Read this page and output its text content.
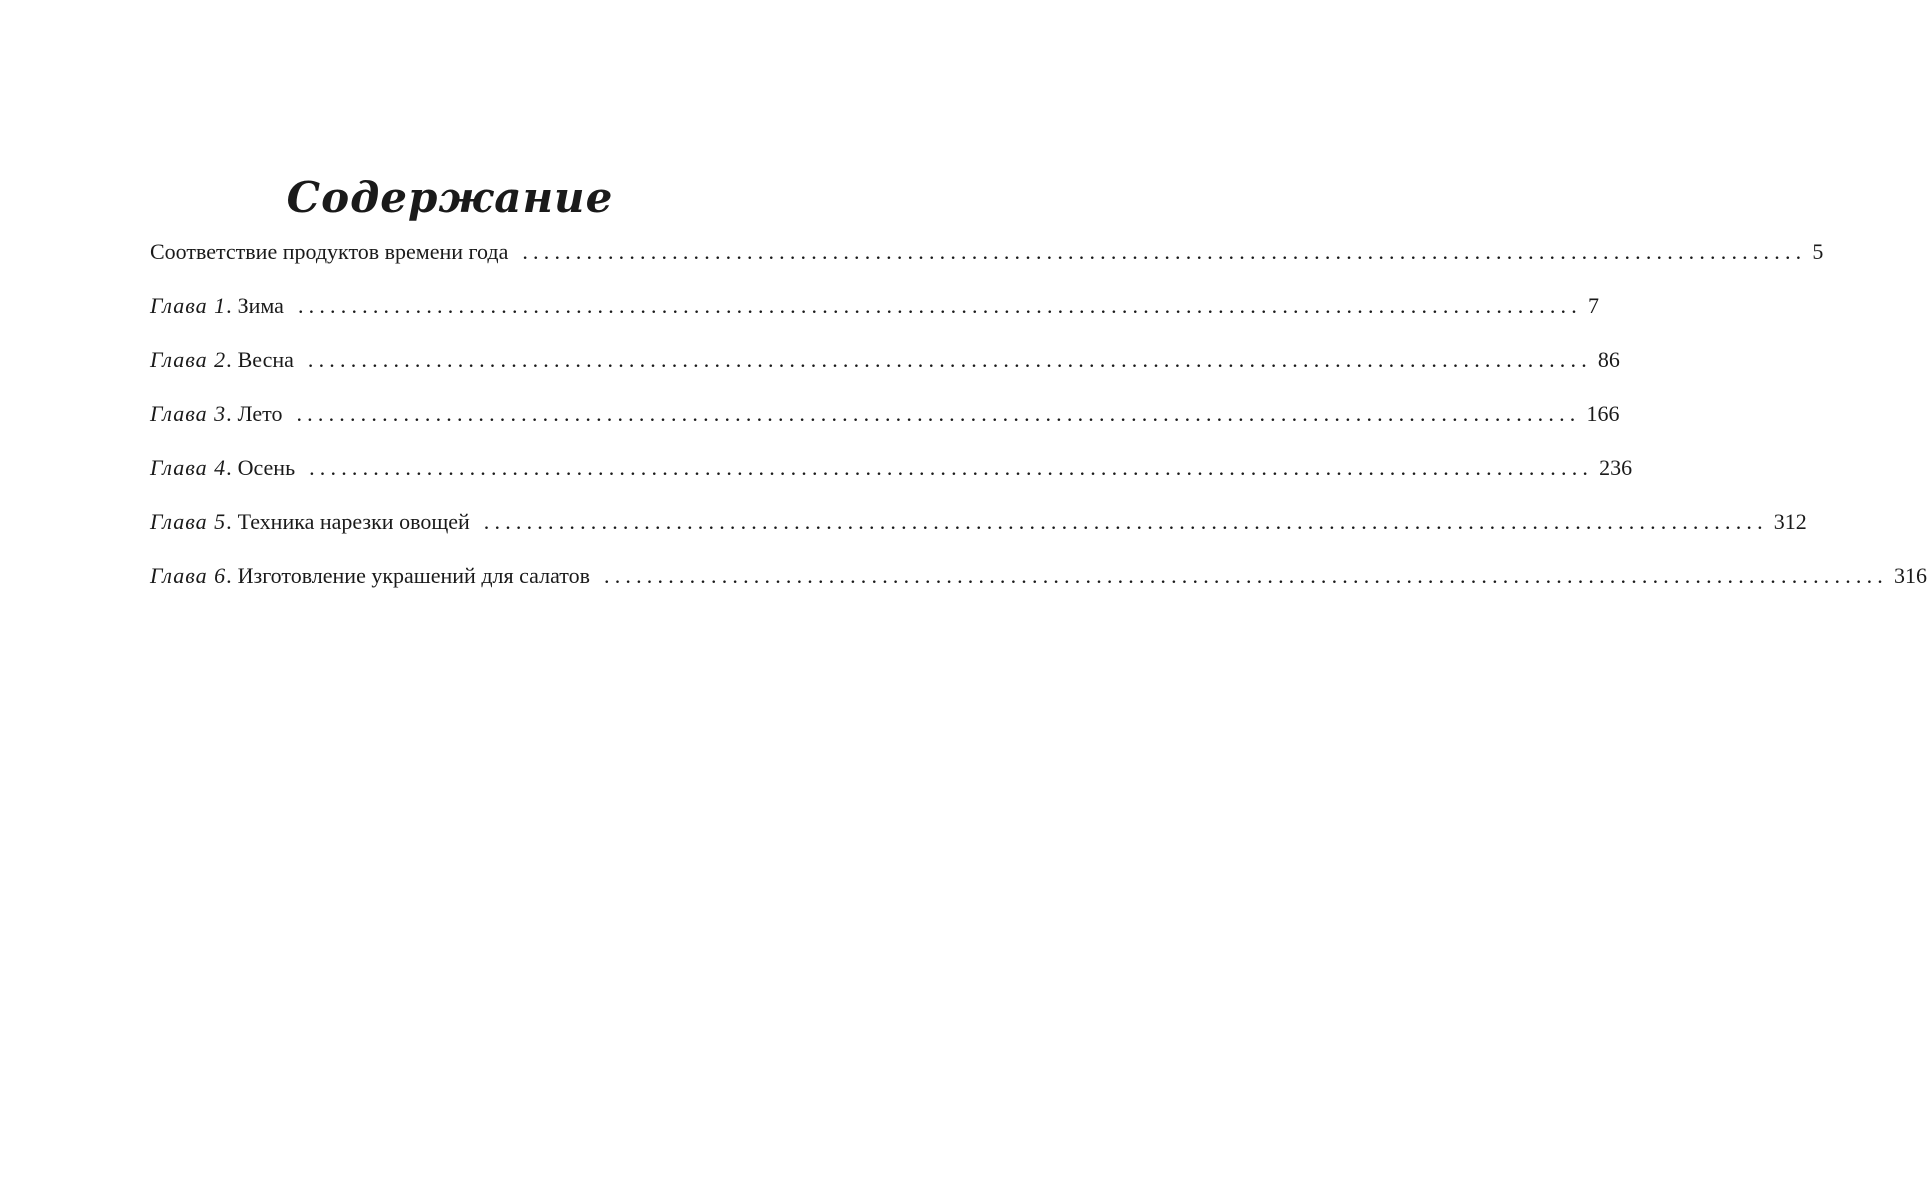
Содержание
Соответствие продуктов времени года ........................................................................................................................ 5
Глава 1 . Зима ........................................................................................................................ 7
Глава 2 . Весна ........................................................................................................................ 86
Глава 3 . Лето ........................................................................................................................ 166
Глава 4 . Осень ........................................................................................................................ 236
Глава 5 . Техника нарезки овощей ........................................................................................................................ 312
Глава 6 . Изготовление украшений для салатов ........................................................................................................................ 316
